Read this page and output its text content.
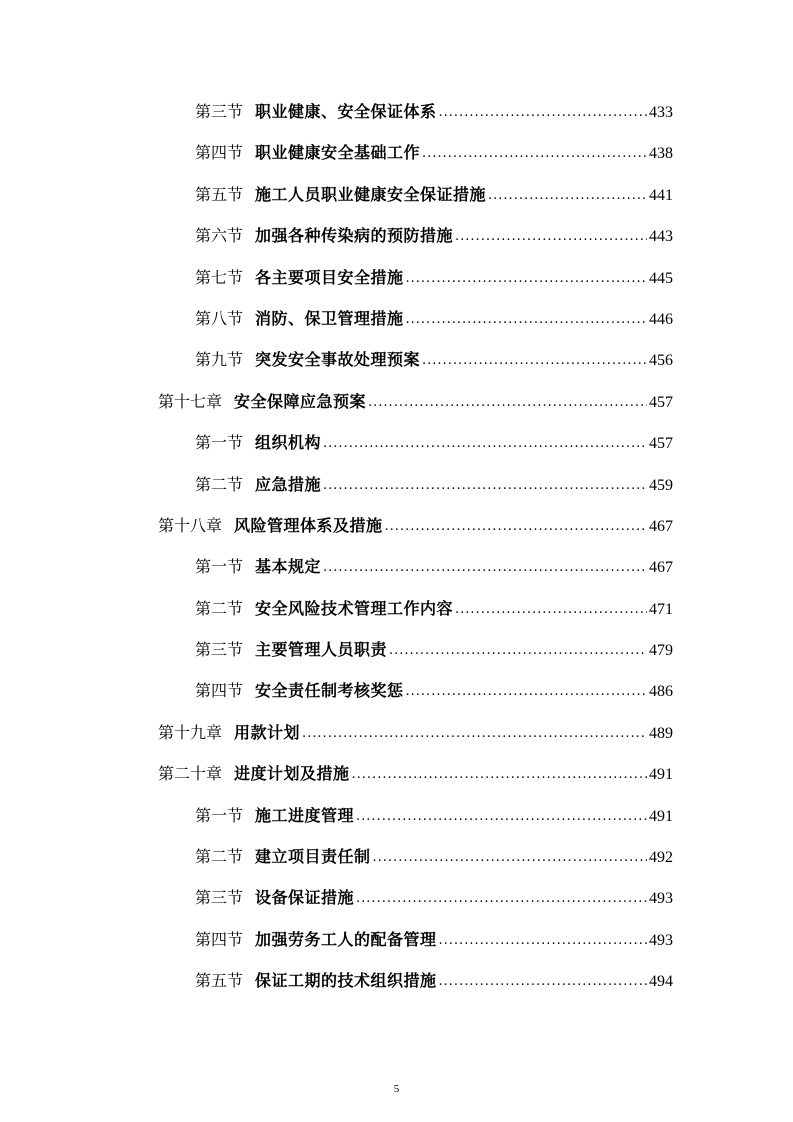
第三节 职业健康、安全保证体系 .....	433
第四节 职业健康安全基础工作 .....	438
第五节 施工人员职业健康安全保证措施 .....	441
第六节 加强各种传染病的预防措施 .....	443
第七节 各主要项目安全措施 .....	445
第八节 消防、保卫管理措施 .....	446
第九节 突发安全事故处理预案 .....	456
第十七章 安全保障应急预案 .....	457
第一节 组织机构 .....	457
第二节 应急措施 .....	459
第十八章 风险管理体系及措施 .....	467
第一节 基本规定 .....	467
第二节 安全风险技术管理工作内容 .....	471
第三节 主要管理人员职责 .....	479
第四节 安全责任制考核奖惩 .....	486
第十九章 用款计划 .....	489
第二十章 进度计划及措施 .....	491
第一节 施工进度管理 .....	491
第二节 建立项目责任制 .....	492
第三节 设备保证措施 .....	493
第四节 加强劳务工人的配备管理 .....	493
第五节 保证工期的技术组织措施 .....	494
5
